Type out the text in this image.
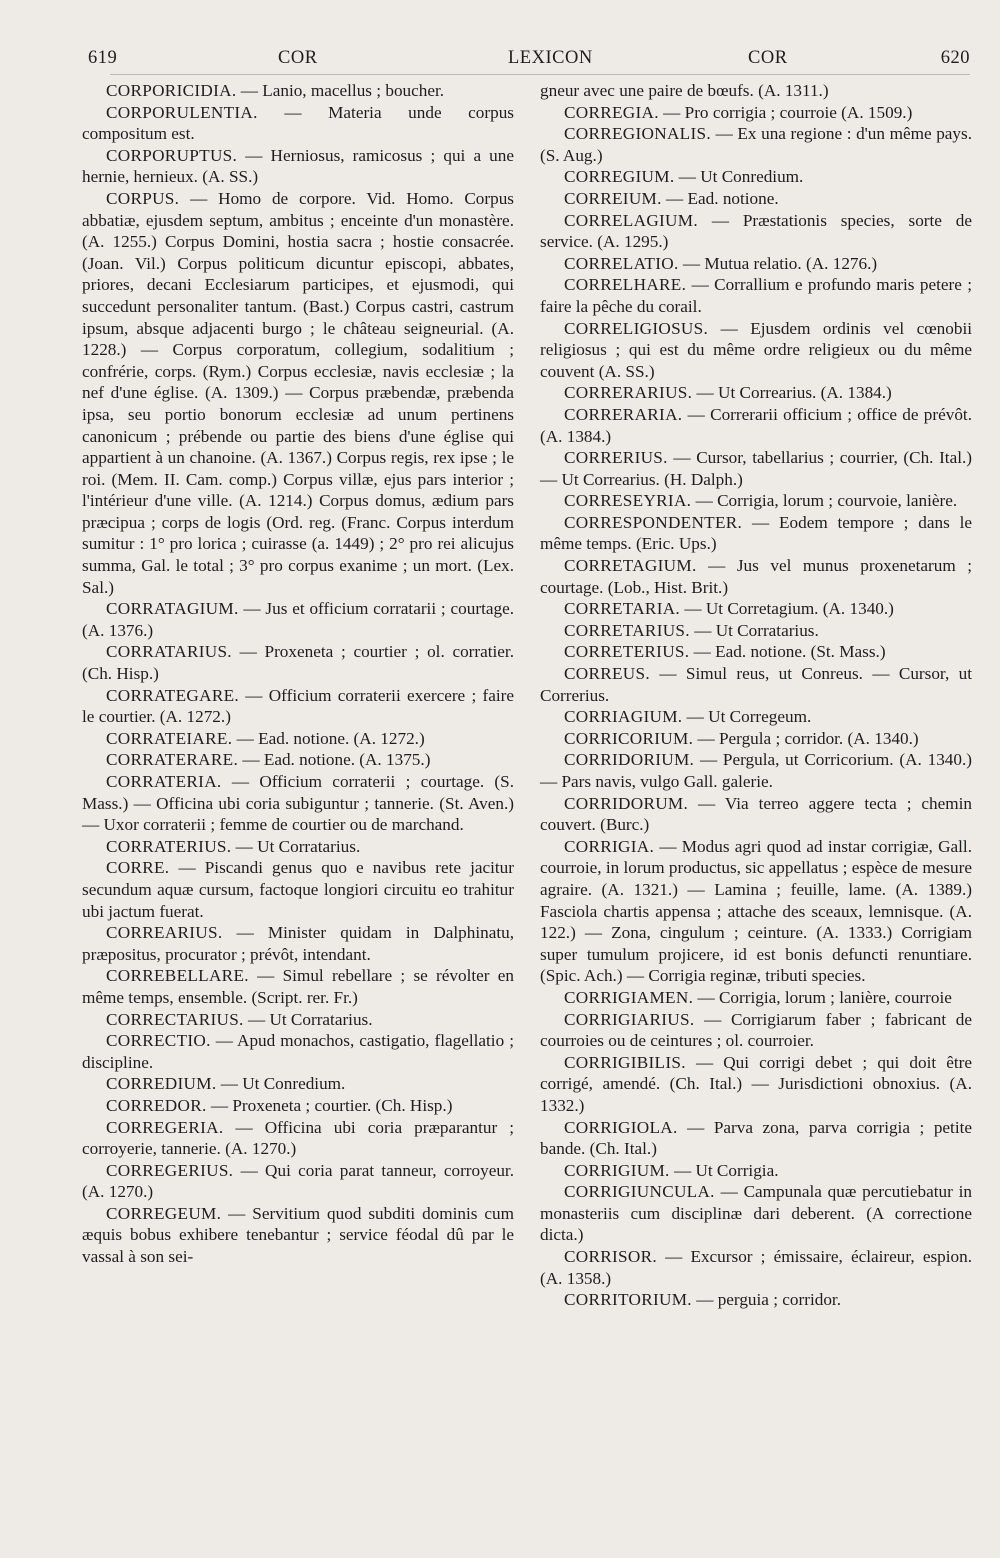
619	COR	LEXICON	COR	620

CORPORICIDIA. — Lanio, macellus ; boucher.

CORPORULENTIA. — Materia unde corpus compositum est.

CORPORUPTUS. — Herniosus, ramicosus ; qui a une hernie, hernieux. (A. SS.)

CORPUS. — Homo de corpore. Vid. Homo. Corpus abbatiæ, ejusdem septum, ambitus ; enceinte d'un monastère. (A. 1255.) Corpus Domini, hostia sacra ; hostie consacrée. (Joan. Vil.) Corpus politicum dicuntur episcopi, abbates, priores, decani Ecclesiarum participes, et ejusmodi, qui succedunt personaliter tantum. (Bast.) Corpus castri, castrum ipsum, absque adjacenti burgo ; le château seigneurial. (A. 1228.) — Corpus corporatum, collegium, sodalitium ; confrérie, corps. (Rym.) Corpus ecclesiæ, navis ecclesiæ ; la nef d'une église. (A. 1309.) — Corpus præbendæ, præbenda ipsa, seu portio bonorum ecclesiæ ad unum pertinens canonicum ; prébende ou partie des biens d'une église qui appartient à un chanoine. (A. 1367.) Corpus regis, rex ipse ; le roi. (Mem. II. Cam. comp.) Corpus villæ, ejus pars interior ; l'intérieur d'une ville. (A. 1214.) Corpus domus, ædium pars præcipua ; corps de logis (Ord. reg. (Franc. Corpus interdum sumitur : 1° pro lorica ; cuirasse (a. 1449) ; 2° pro rei alicujus summa, Gal. le total ; 3° pro corpus exanime ; un mort. (Lex. Sal.)

CORRATAGIUM. — Jus et officium corratarii ; courtage. (A. 1376.)

CORRATARIUS. — Proxeneta ; courtier ; ol. corratier. (Ch. Hisp.)

CORRATEGARE. — Officium corraterii exercere ; faire le courtier. (A. 1272.)

CORRATEIARE. — Ead. notione. (A. 1272.)

CORRATERARE. — Ead. notione. (A. 1375.)

CORRATERIA. — Officium corraterii ; courtage. (S. Mass.) — Officina ubi coria subiguntur ; tannerie. (St. Aven.) — Uxor corraterii ; femme de courtier ou de marchand.

CORRATERIUS. — Ut Corratarius.

CORRE. — Piscandi genus quo e navibus rete jacitur secundum aquæ cursum, factoque longiori circuitu eo trahitur ubi jactum fuerat.

CORREARIUS. — Minister quidam in Dalphinatu, præpositus, procurator ; prévôt, intendant.

CORREBELLARE. — Simul rebellare ; se révolter en même temps, ensemble. (Script. rer. Fr.)

CORRECTARIUS. — Ut Corratarius.

CORRECTIO. — Apud monachos, castigatio, flagellatio ; discipline.

CORREDIUM. — Ut Conredium.

CORREDOR. — Proxeneta ; courtier. (Ch. Hisp.)

CORREGERIA. — Officina ubi coria præparantur ; corroyerie, tannerie. (A. 1270.)

CORREGERIUS. — Qui coria parat tanneur, corroyeur. (A. 1270.)

CORREGEUM. — Servitium quod subditi dominis cum æquis bobus exhibere tenebantur ; service féodal dû par le vassal à son sei-

gneur avec une paire de bœufs. (A. 1311.)

CORREGIA. — Pro corrigia ; courroie (A. 1509.)

CORREGIONALIS. — Ex una regione : d'un même pays. (S. Aug.)

CORREGIUM. — Ut Conredium.

CORREIUM. — Ead. notione.

CORRELAGIUM. — Præstationis species, sorte de service. (A. 1295.)

CORRELATIO. — Mutua relatio. (A. 1276.)

CORRELHARE. — Corrallium e profundo maris petere ; faire la pêche du corail.

CORRELIGIOSUS. — Ejusdem ordinis vel cœnobii religiosus ; qui est du même ordre religieux ou du même couvent (A. SS.)

CORRERARIUS. — Ut Correarius. (A. 1384.)

CORRERARIA. — Correrarii officium ; office de prévôt. (A. 1384.)

CORRERIUS. — Cursor, tabellarius ; courrier, (Ch. Ital.) — Ut Correarius. (H. Dalph.)

CORRESEYRIA. — Corrigia, lorum ; courvoie, lanière.

CORRESPONDENTER. — Eodem tempore ; dans le même temps. (Eric. Ups.)

CORRETAGIUM. — Jus vel munus proxenetarum ; courtage. (Lob., Hist. Brit.)

CORRETARIA. — Ut Corretagium. (A. 1340.)

CORRETARIUS. — Ut Corratarius.

CORRETERIUS. — Ead. notione. (St. Mass.)

CORREUS. — Simul reus, ut Conreus. — Cursor, ut Correrius.

CORRIAGIUM. — Ut Corregeum.

CORRICORIUM. — Pergula ; corridor. (A. 1340.)

CORRIDORIUM. — Pergula, ut Corricorium. (A. 1340.) — Pars navis, vulgo Gall. galerie.

CORRIDORUM. — Via terreo aggere tecta ; chemin couvert. (Burc.)

CORRIGIA. — Modus agri quod ad instar corrigiæ, Gall. courroie, in lorum productus, sic appellatus ; espèce de mesure agraire. (A. 1321.) — Lamina ; feuille, lame. (A. 1389.) Fasciola chartis appensa ; attache des sceaux, lemnisque. (A. 122.) — Zona, cingulum ; ceinture. (A. 1333.) Corrigiam super tumulum projicere, id est bonis defuncti renuntiare. (Spic. Ach.) — Corrigia reginæ, tributi species.

CORRIGIAMEN. — Corrigia, lorum ; lanière, courroie

CORRIGIARIUS. — Corrigiarum faber ; fabricant de courroies ou de ceintures ; ol. courroier.

CORRIGIBILIS. — Qui corrigi debet ; qui doit être corrigé, amendé. (Ch. Ital.) — Jurisdictioni obnoxius. (A. 1332.)

CORRIGIOLA. — Parva zona, parva corrigia ; petite bande. (Ch. Ital.)

CORRIGIUM. — Ut Corrigia.

CORRIGIUNCULA. — Campunala quæ percutiebatur in monasteriis cum disciplinæ dari deberent. (A correctione dicta.)

CORRISOR. — Excursor ; émissaire, éclaireur, espion. (A. 1358.)

CORRITORIUM. — perguia ; corridor.
